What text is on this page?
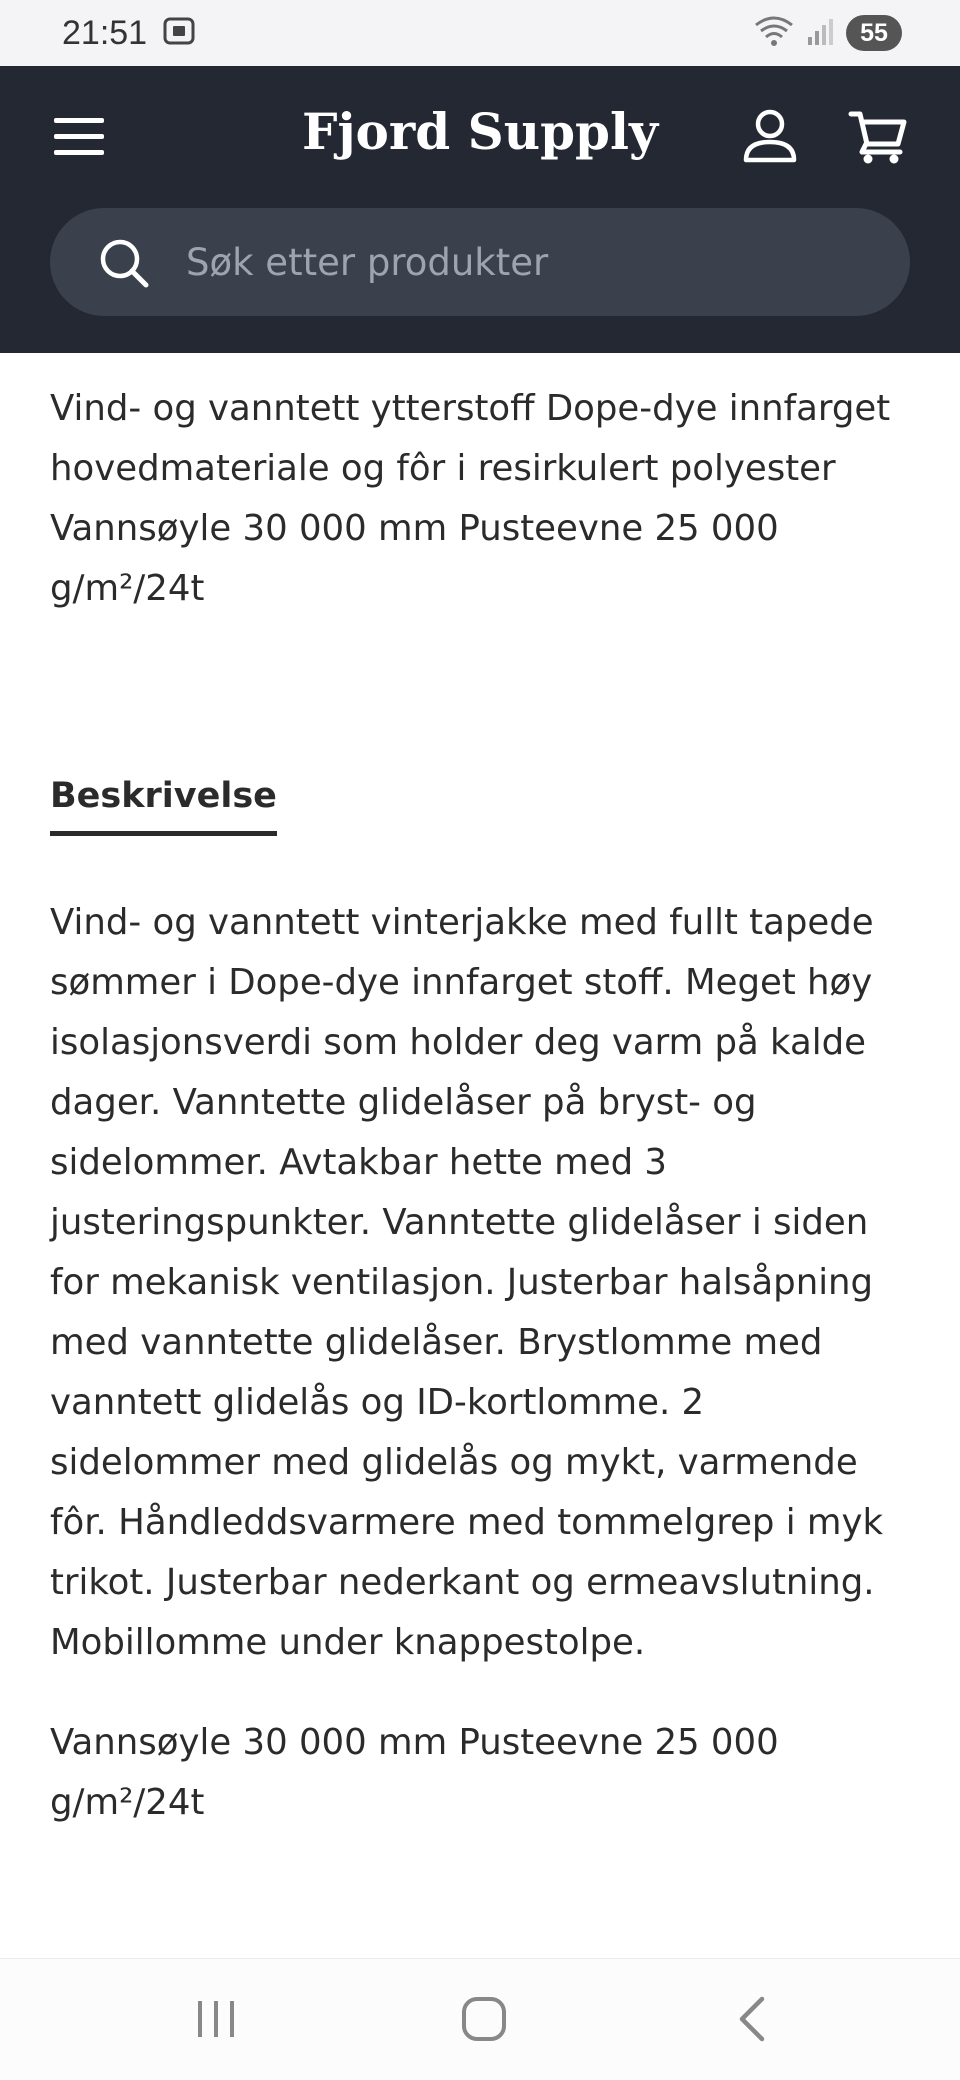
21:51	55
Fjord Supply
Søk etter produkter

Vind- og vanntett ytterstoff Dope-dye innfarget hovedmateriale og fôr i resirkulert polyester Vannsøyle 30 000 mm Pusteevne 25 000 g/m²/24t

Beskrivelse

Vind- og vanntett vinterjakke med fullt tapede sømmer i Dope-dye innfarget stoff. Meget høy isolasjonsverdi som holder deg varm på kalde dager. Vanntette glidelåser på bryst- og sidelommer. Avtakbar hette med 3 justeringspunkter. Vanntette glidelåser i siden for mekanisk ventilasjon. Justerbar halsåpning med vanntette glidelåser. Brystlomme med vanntett glidelås og ID-kortlomme. 2 sidelommer med glidelås og mykt, varmende fôr. Håndleddsvarmere med tommelgrep i myk trikot. Justerbar nederkant og ermeavslutning. Mobillomme under knappestolpe.

Vannsøyle 30 000 mm Pusteevne 25 000 g/m²/24t
